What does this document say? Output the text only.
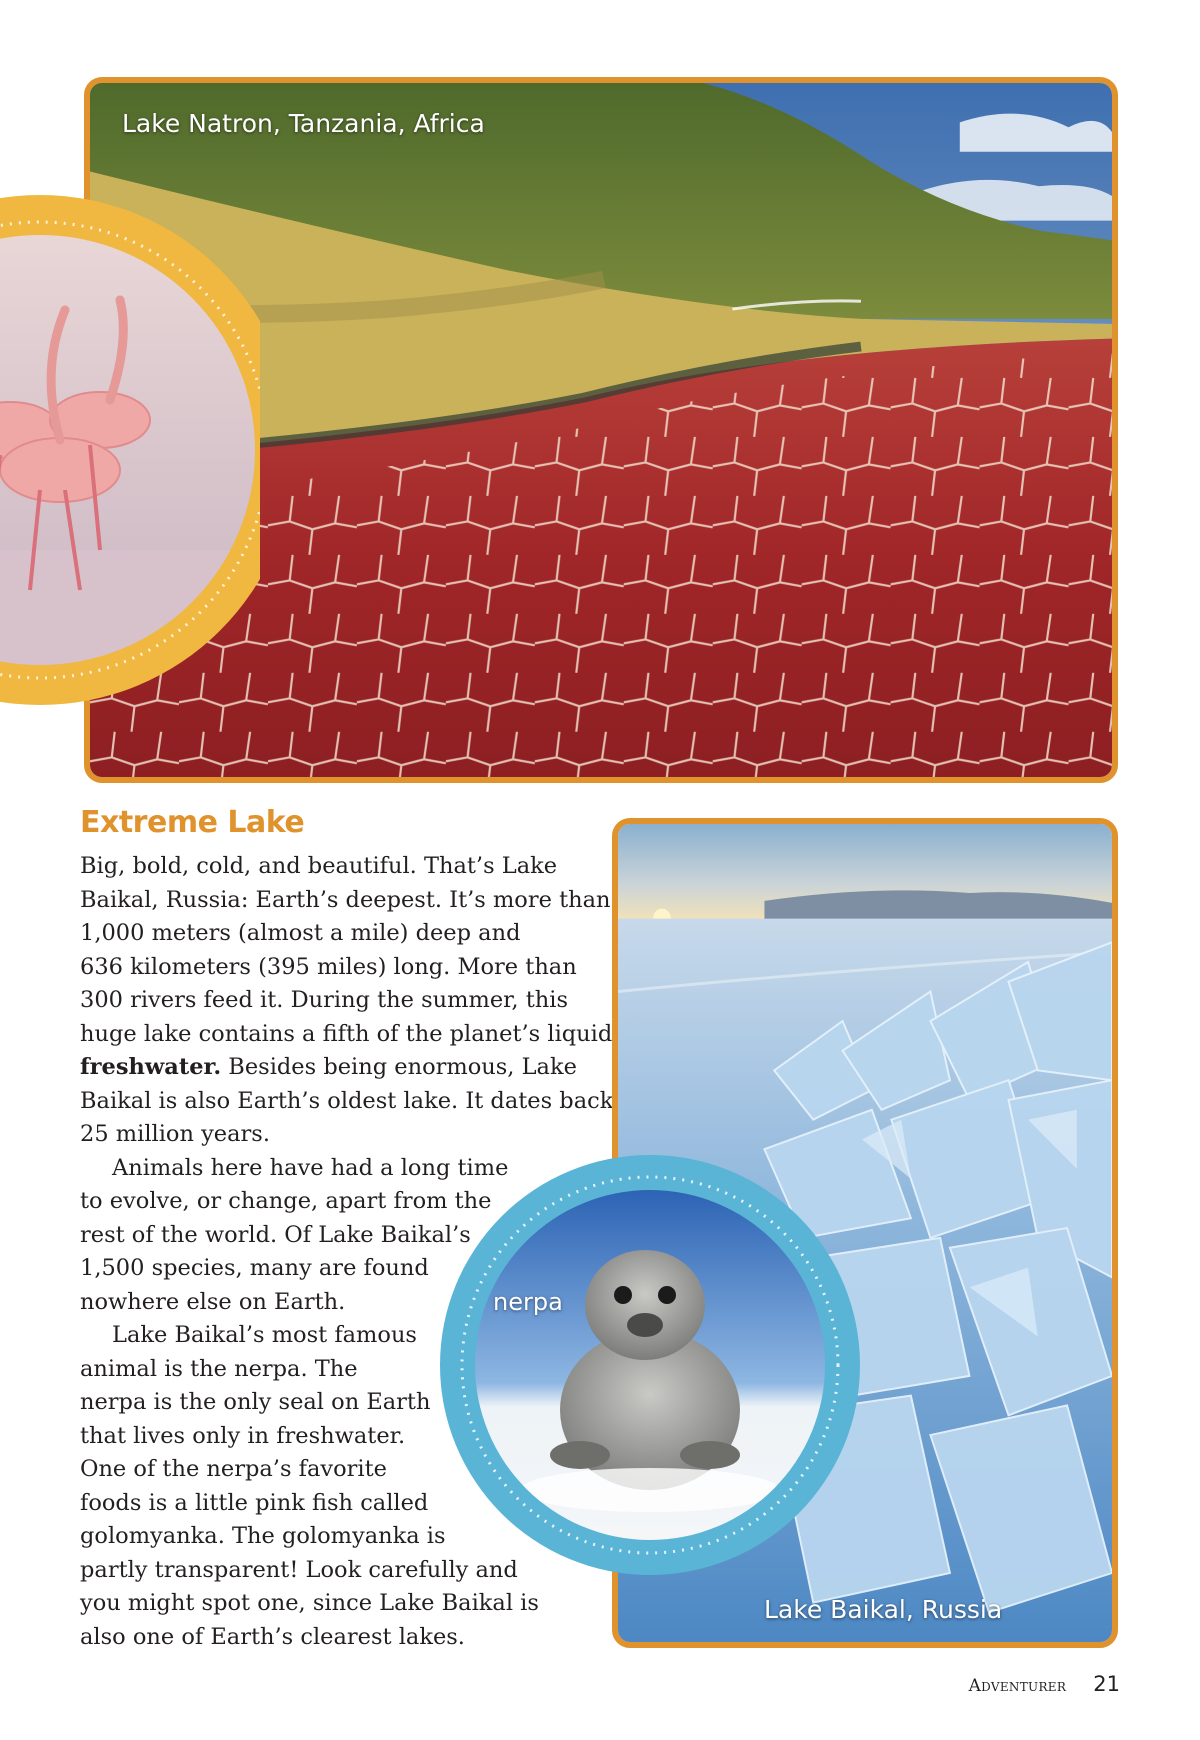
Lake Natron, Tanzania, Africa
Extreme Lake
Big, bold, cold, and beautiful. That’s Lake
Baikal, Russia: Earth’s deepest. It’s more than
1,000 meters (almost a mile) deep and
636 kilometers (395 miles) long. More than
300 rivers feed it. During the summer, this
huge lake contains a fifth of the planet’s liquid
freshwater. Besides being enormous, Lake
Baikal is also Earth’s oldest lake. It dates back
25 million years.
Animals here have had a long time
to evolve, or change, apart from the
rest of the world. Of Lake Baikal’s
1,500 species, many are found
nowhere else on Earth.
Lake Baikal’s most famous
animal is the nerpa. The
nerpa is the only seal on Earth
that lives only in freshwater.
One of the nerpa’s favorite
foods is a little pink fish called
golomyanka. The golomyanka is
partly transparent! Look carefully and
you might spot one, since Lake Baikal is
also one of Earth’s clearest lakes.
Lake Baikal, Russia
nerpa
Adventurer 21
